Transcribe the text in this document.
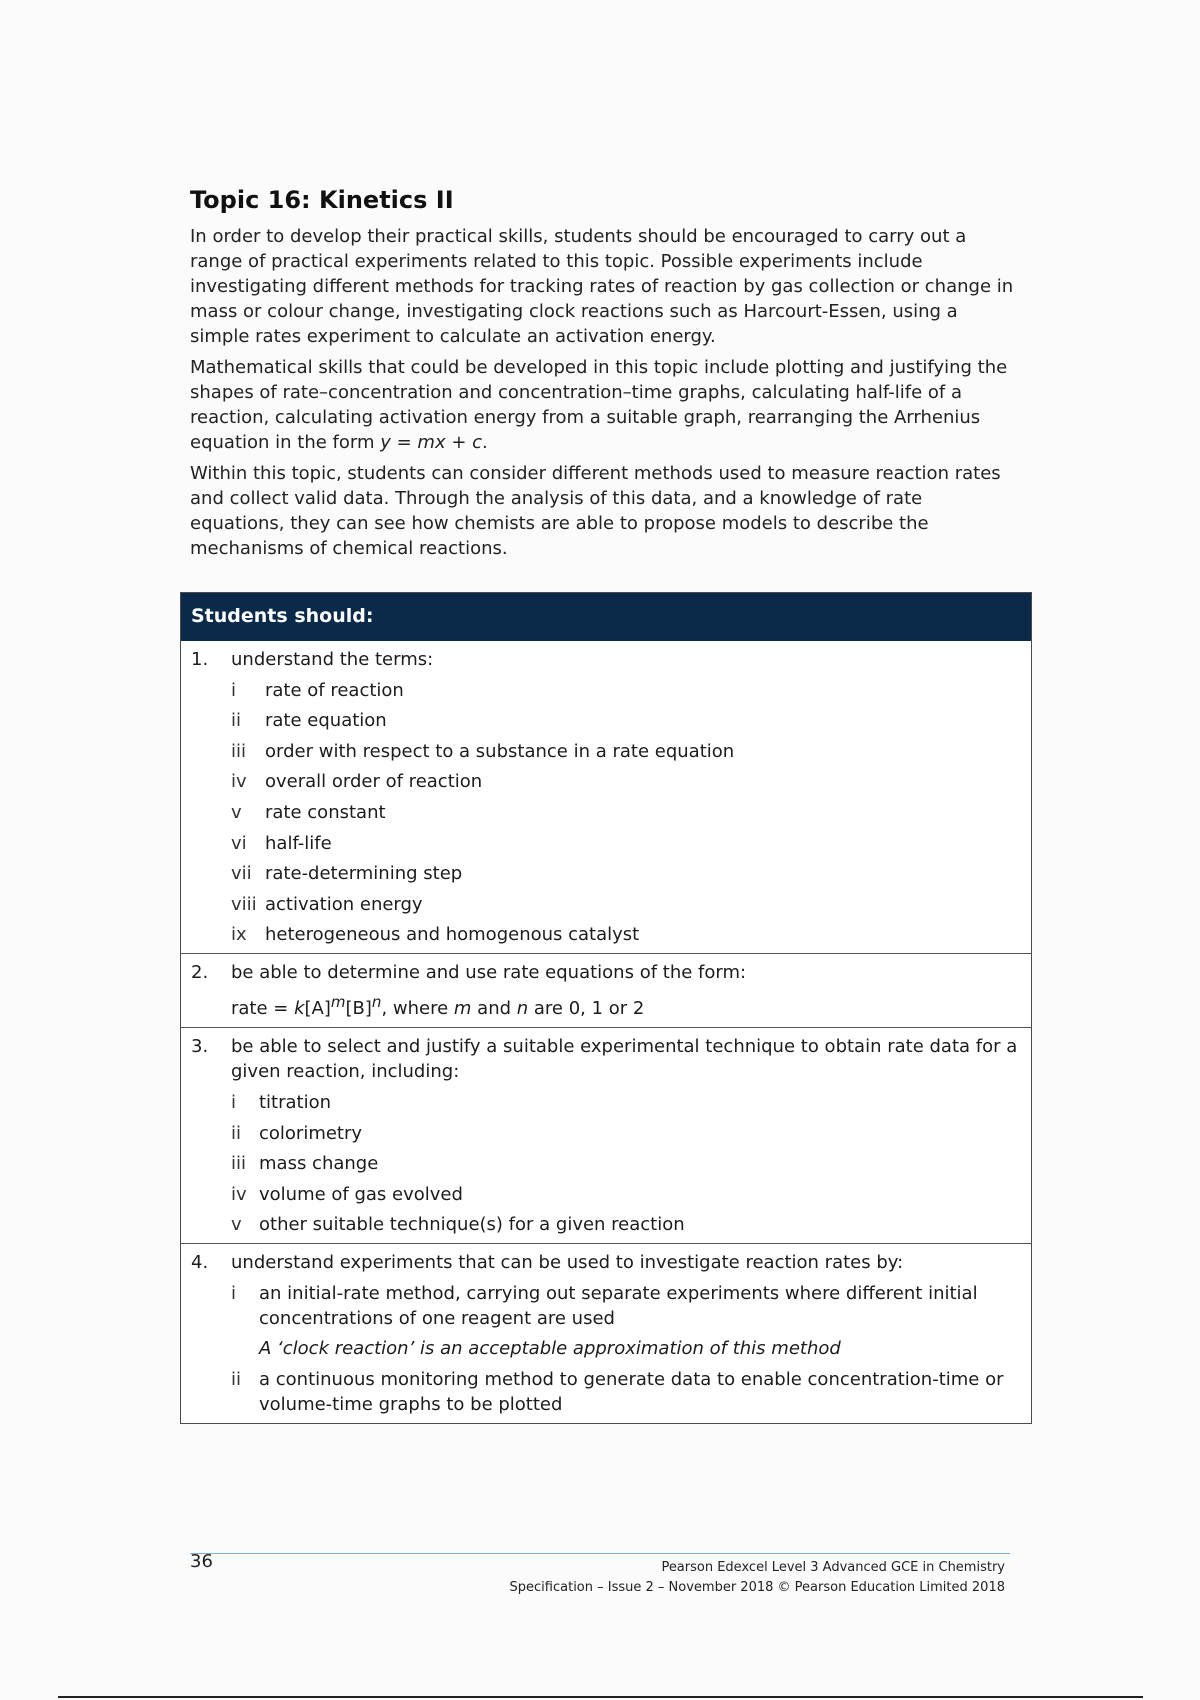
Topic 16: Kinetics II

In order to develop their practical skills, students should be encouraged to carry out a range of practical experiments related to this topic. Possible experiments include investigating different methods for tracking rates of reaction by gas collection or change in mass or colour change, investigating clock reactions such as Harcourt-Essen, using a simple rates experiment to calculate an activation energy.

Mathematical skills that could be developed in this topic include plotting and justifying the shapes of rate–concentration and concentration–time graphs, calculating half-life of a reaction, calculating activation energy from a suitable graph, rearranging the Arrhenius equation in the form y = mx + c.

Within this topic, students can consider different methods used to measure reaction rates and collect valid data. Through the analysis of this data, and a knowledge of rate equations, they can see how chemists are able to propose models to describe the mechanisms of chemical reactions.

Students should:
1.	understand the terms:
i	rate of reaction
ii	rate equation
iii	order with respect to a substance in a rate equation
iv	overall order of reaction
v	rate constant
vi	half-life
vii rate-determining step
viii activation energy
ix	heterogeneous and homogenous catalyst
2.	be able to determine and use rate equations of the form:
rate = $k[A]^m[B]^n$, where m and n are 0, 1 or 2
3.	be able to select and justify a suitable experimental technique to obtain rate data for a given reaction, including:
i	titration
ii colorimetry
iii mass change
iv volume of gas evolved
v other suitable technique(s) for a given reaction
4.	understand experiments that can be used to investigate reaction rates by:
i	an initial-rate method, carrying out separate experiments where different initial concentrations of one reagent are used
A ‘clock reaction’ is an acceptable approximation of this method
ii a continuous monitoring method to generate data to enable concentration-time or volume-time graphs to be plotted
36	Pearson Edexcel Level 3 Advanced GCE in Chemistry
Specification – Issue 2 – November 2018 © Pearson Education Limited 2018
